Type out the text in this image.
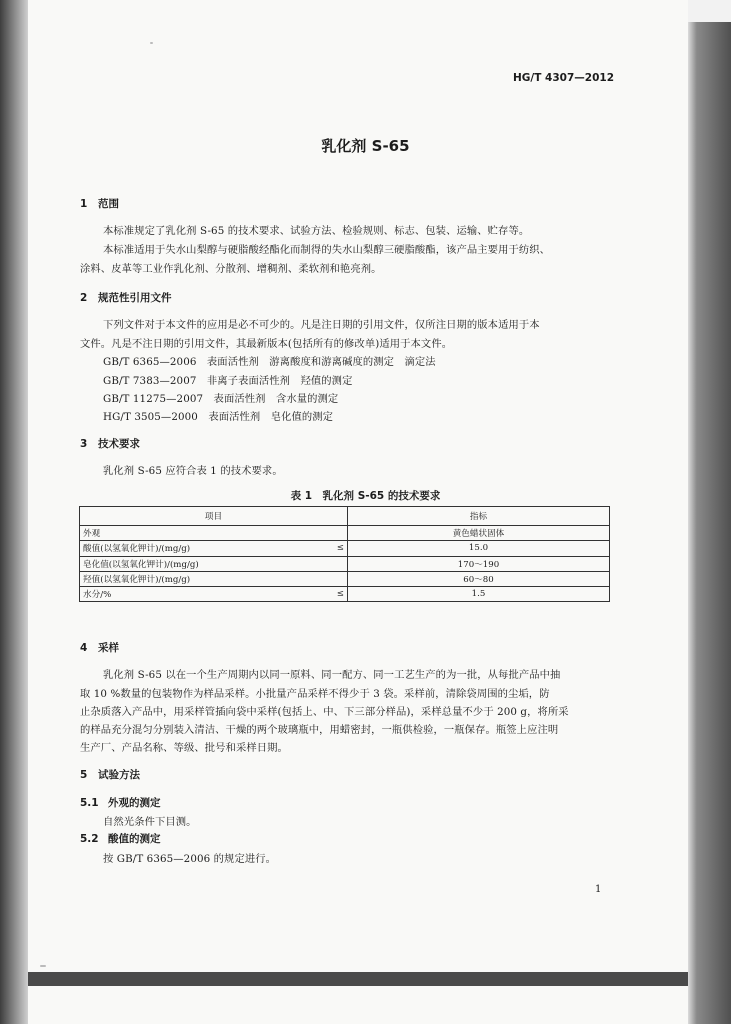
HG/T 4307—2012
乳化剂 S-65
1 范围
本标准规定了乳化剂 S-65 的技术要求、试验方法、检验规则、标志、包装、运输、贮存等。
本标准适用于失水山梨醇与硬脂酸经酯化而制得的失水山梨醇三硬脂酸酯，该产品主要用于纺织、
涂料、皮革等工业作乳化剂、分散剂、增稠剂、柔软剂和艳亮剂。
2 规范性引用文件
下列文件对于本文件的应用是必不可少的。凡是注日期的引用文件，仅所注日期的版本适用于本
文件。凡是不注日期的引用文件，其最新版本(包括所有的修改单)适用于本文件。
GB/T 6365—2006　表面活性剂　游离酸度和游离碱度的测定　滴定法
GB/T 7383—2007　非离子表面活性剂　羟值的测定
GB/T 11275—2007　表面活性剂　含水量的测定
HG/T 3505—2000　表面活性剂　皂化值的测定
3 技术要求
乳化剂 S-65 应符合表 1 的技术要求。
表 1　乳化剂 S-65 的技术要求
项目	指标

外观	黄色蜡状固体

酸值(以氢氧化钾计)/(mg/g) ≤	15.0

皂化值(以氢氧化钾计)/(mg/g)	170～190

羟值(以氢氧化钾计)/(mg/g)	60～80

水分/% ≤	1.5
4 采样
乳化剂 S-65 以在一个生产周期内以同一原料、同一配方、同一工艺生产的为一批，从每批产品中抽
取 10 %数量的包装物作为样品采样。小批量产品采样不得少于 3 袋。采样前，清除袋周围的尘垢，防
止杂质落入产品中，用采样管插向袋中采样(包括上、中、下三部分样品)，采样总量不少于 200 g，将所采
的样品充分混匀分别装入清洁、干燥的两个玻璃瓶中，用蜡密封，一瓶供检验，一瓶保存。瓶签上应注明
生产厂、产品名称、等级、批号和采样日期。
5 试验方法
5.1 外观的测定
自然光条件下目测。
5.2 酸值的测定
按 GB/T 6365—2006 的规定进行。
1
